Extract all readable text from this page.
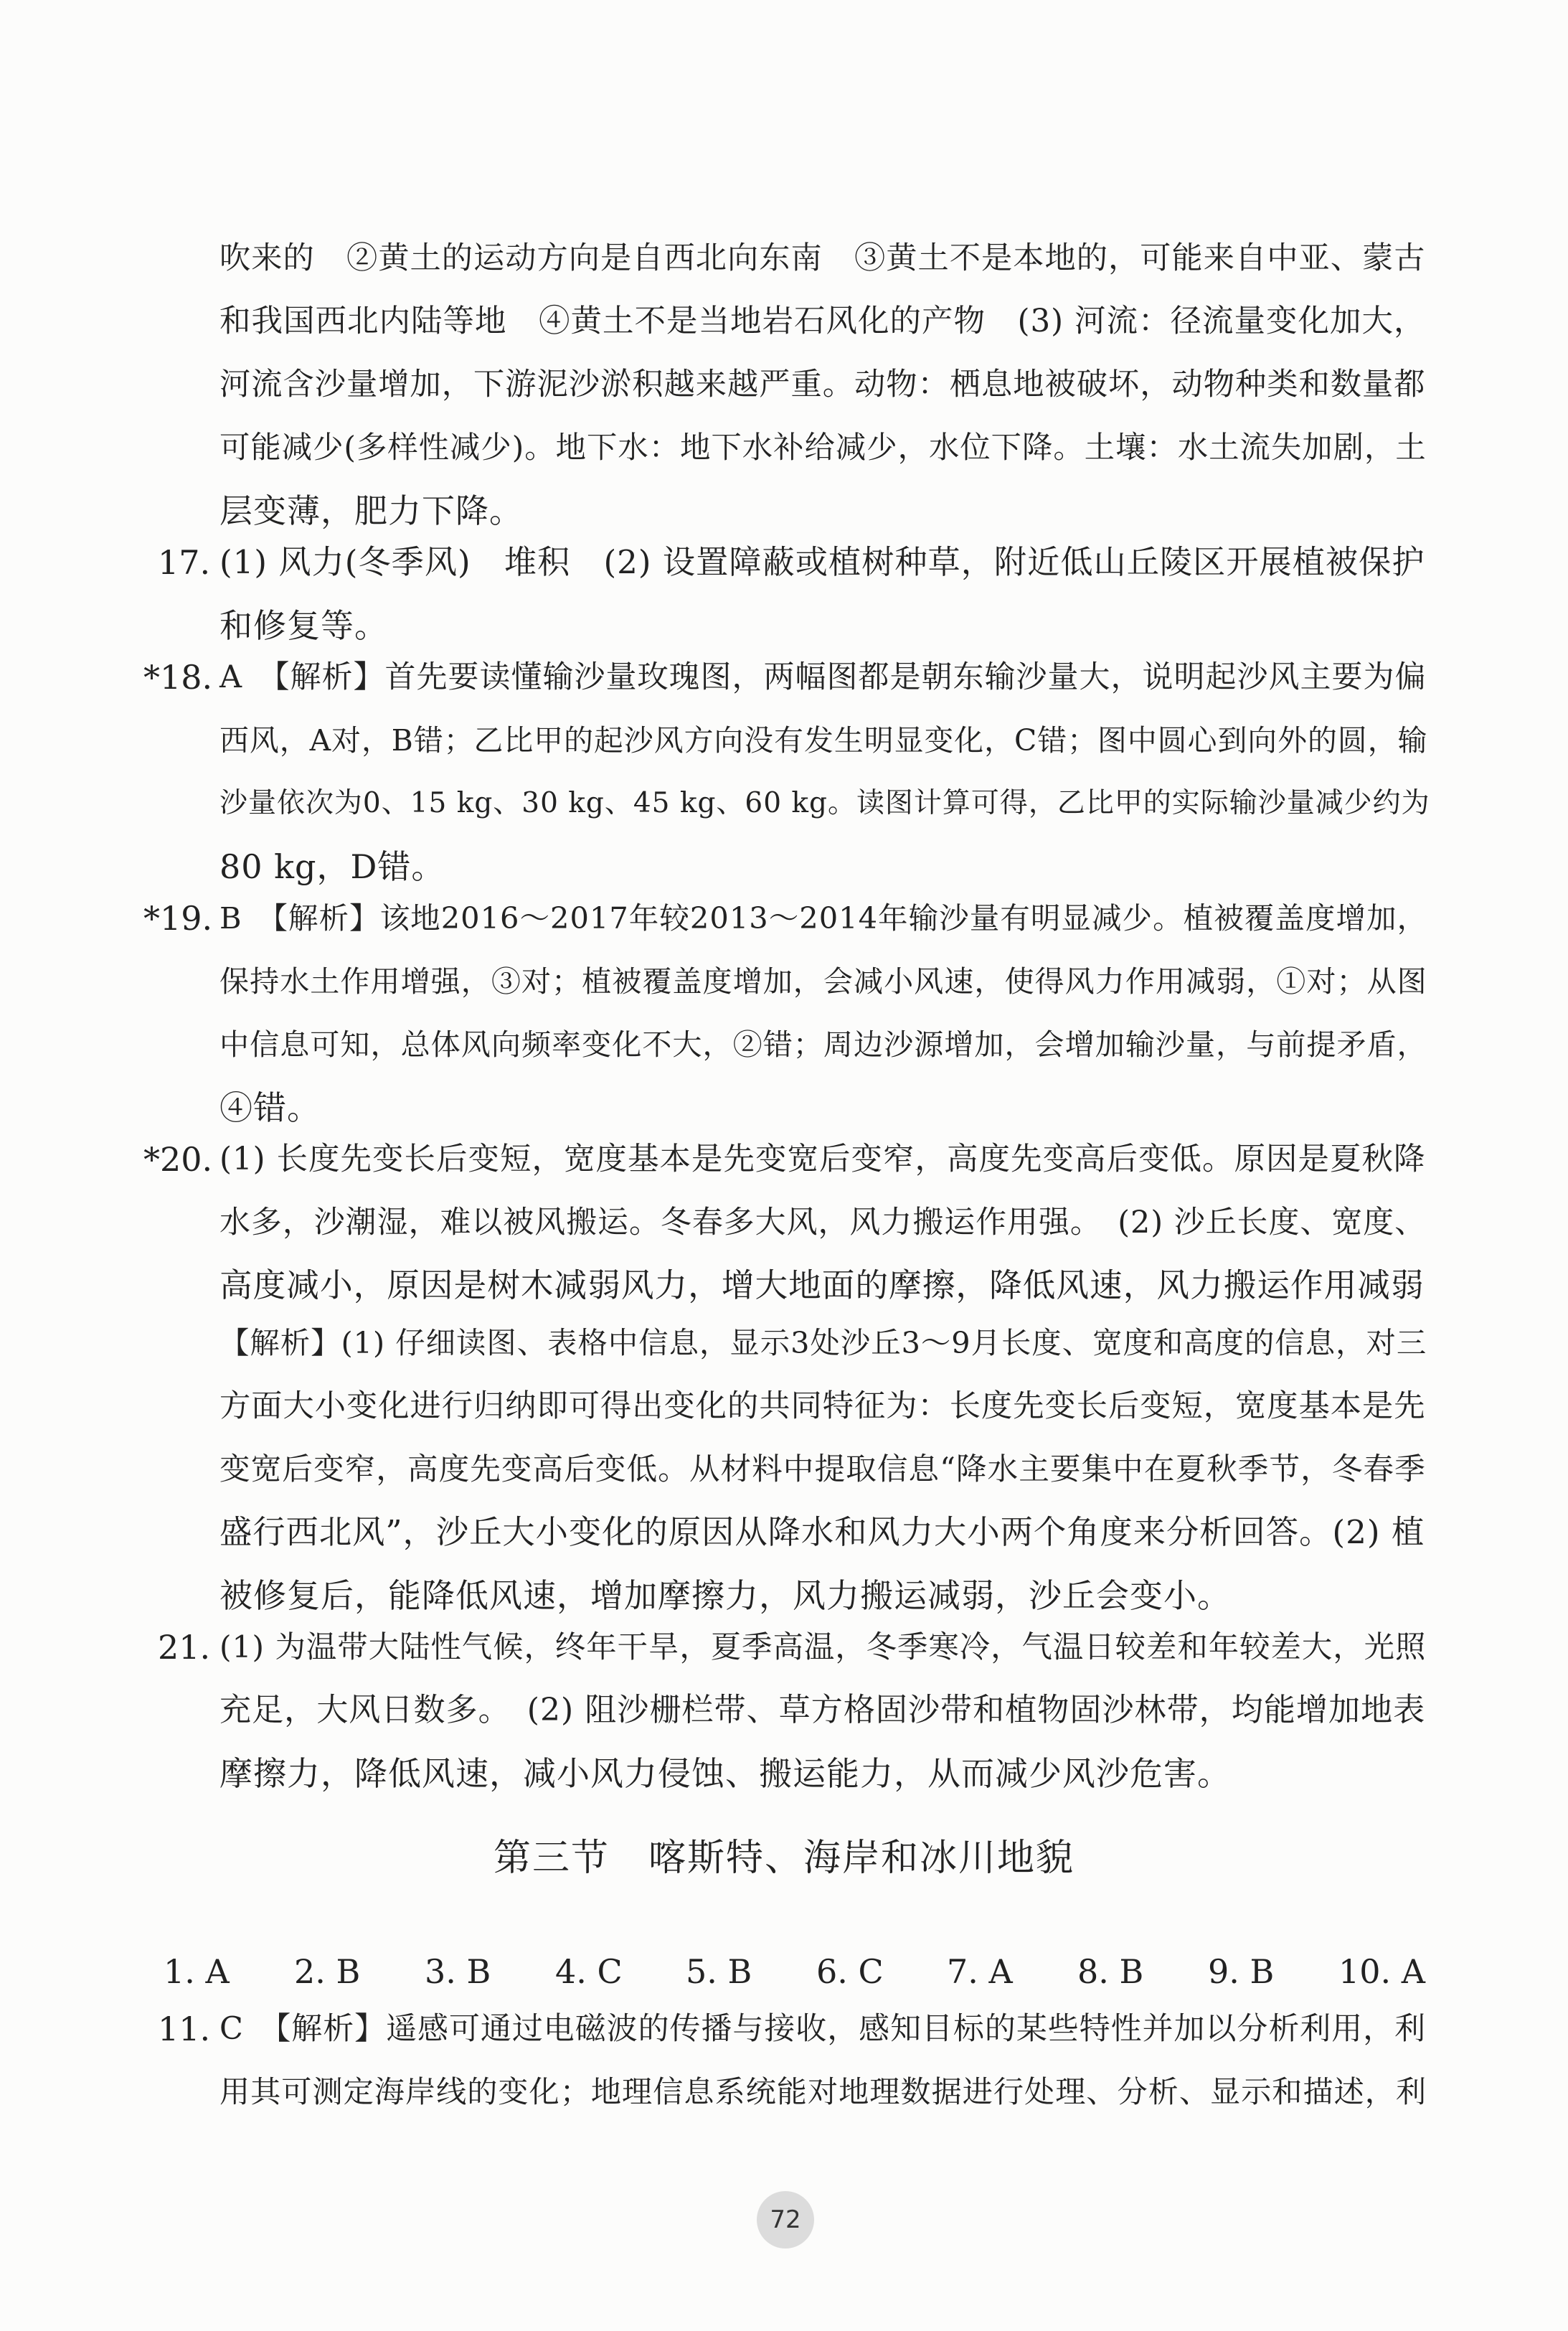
吹来的　②黄土的运动方向是自西北向东南　③黄土不是本地的，可能来自中亚、蒙古
和我国西北内陆等地　④黄土不是当地岩石风化的产物　(3) 河流：径流量变化加大，
河流含沙量增加，下游泥沙淤积越来越严重。动物：栖息地被破坏，动物种类和数量都
可能减少(多样性减少)。地下水：地下水补给减少，水位下降。土壤：水土流失加剧，土
层变薄，肥力下降。
17. (1) 风力(冬季风)　堆积　(2) 设置障蔽或植树种草，附近低山丘陵区开展植被保护
和修复等。
*18. A　【解析】首先要读懂输沙量玫瑰图，两幅图都是朝东输沙量大，说明起沙风主要为偏
西风，A对，B错；乙比甲的起沙风方向没有发生明显变化，C错；图中圆心到向外的圆，输
沙量依次为0、15 kg、30 kg、45 kg、60 kg。读图计算可得，乙比甲的实际输沙量减少约为
80 kg，D错。
*19. B　【解析】该地2016～2017年较2013～2014年输沙量有明显减少。植被覆盖度增加，
保持水土作用增强，③对；植被覆盖度增加，会减小风速，使得风力作用减弱，①对；从图
中信息可知，总体风向频率变化不大，②错；周边沙源增加，会增加输沙量，与前提矛盾，
④错。
*20. (1) 长度先变长后变短，宽度基本是先变宽后变窄，高度先变高后变低。原因是夏秋降
水多，沙潮湿，难以被风搬运。冬春多大风，风力搬运作用强。　(2) 沙丘长度、宽度、
高度减小，原因是树木减弱风力，增大地面的摩擦，降低风速，风力搬运作用减弱
【解析】(1) 仔细读图、表格中信息，显示3处沙丘3～9月长度、宽度和高度的信息，对三
方面大小变化进行归纳即可得出变化的共同特征为：长度先变长后变短，宽度基本是先
变宽后变窄，高度先变高后变低。从材料中提取信息“降水主要集中在夏秋季节，冬春季
盛行西北风”，沙丘大小变化的原因从降水和风力大小两个角度来分析回答。(2) 植
被修复后，能降低风速，增加摩擦力，风力搬运减弱，沙丘会变小。
21. (1) 为温带大陆性气候，终年干旱，夏季高温，冬季寒冷，气温日较差和年较差大，光照
充足，大风日数多。　(2) 阻沙栅栏带、草方格固沙带和植物固沙林带，均能增加地表
摩擦力，降低风速，减小风力侵蚀、搬运能力，从而减少风沙危害。
第三节　喀斯特、海岸和冰川地貌
1. A 2. B 3. B 4. C 5. B 6. C 7. A 8. B 9. B 10. A
11. C　【解析】遥感可通过电磁波的传播与接收，感知目标的某些特性并加以分析利用，利
用其可测定海岸线的变化；地理信息系统能对地理数据进行处理、分析、显示和描述，利
72
